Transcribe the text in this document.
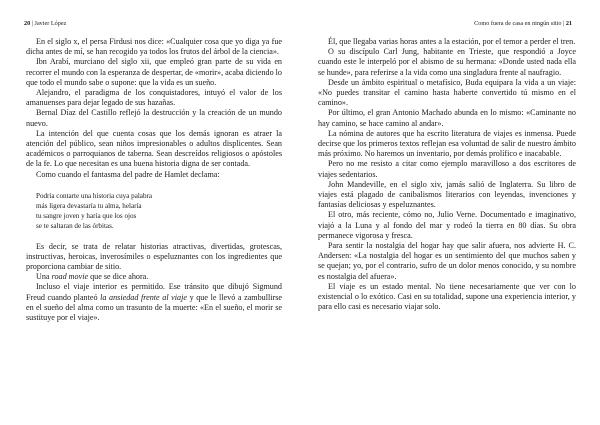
20 | Javier López

En el siglo x, el persa Firdusi nos dice: «Cualquier cosa que yo diga ya fue dicha antes de mí, se han recogido ya todos los frutos del árbol de la ciencia».

Ibn Arabí, murciano del siglo xii, que empleó gran parte de su vida en recorrer el mundo con la esperanza de despertar, de «morir», acaba diciendo lo que todo el mundo sabe o supone: que la vida es un sueño.

Alejandro, el paradigma de los conquistadores, intuyó el valor de los amanuenses para dejar legado de sus hazañas.

Bernal Díaz del Castillo reflejó la destrucción y la creación de un mundo nuevo.

La intención del que cuenta cosas que los demás ignoran es atraer la atención del público, sean niños impresionables o adultos displicentes. Sean académicos o parroquianos de taberna. Sean descreídos religiosos o apóstoles de la fe. Lo que necesitan es una buena historia digna de ser contada.

Como cuando el fantasma del padre de Hamlet declama:

Podría contarte una historia cuya palabra
más ligera devastaría tu alma, helaría
tu sangre joven y haría que los ojos
se te saltaran de las órbitas.

Es decir, se trata de relatar historias atractivas, divertidas, grotescas, instructivas, heroicas, inverosímiles o espeluznantes con los ingredientes que proporciona cambiar de sitio.

Una road movie que se dice ahora.

Incluso el viaje interior es permitido. Ese tránsito que dibujó Sigmund Freud cuando planteó la ansiedad frente al viaje y que le llevó a zambullirse en el sueño del alma como un trasunto de la muerte: «En el sueño, el morir se sustituye por el viaje».

Como fuera de casa en ningún sitio | 21

Él, que llegaba varias horas antes a la estación, por el temor a perder el tren.

O su discípulo Carl Jung, habitante en Trieste, que respondió a Joyce cuando este le interpeló por el abismo de su hermana: «Donde usted nada ella se hunde», para referirse a la vida como una singladura frente al naufragio.

Desde un ámbito espiritual o metafísico, Buda equipara la vida a un viaje: «No puedes transitar el camino hasta haberte convertido tú mismo en el camino».

Por último, el gran Antonio Machado abunda en lo mismo: «Caminante no hay camino, se hace camino al andar».

La nómina de autores que ha escrito literatura de viajes es inmensa. Puede decirse que los primeros textos reflejan esa voluntad de salir de nuestro ámbito más próximo. No haremos un inventario, por demás prolífico e inacabable.

Pero no me resisto a citar como ejemplo maravilloso a dos escritores de viajes sedentarios.

John Mandeville, en el siglo xiv, jamás salió de Inglaterra. Su libro de viajes está plagado de canibalismos literarios con leyendas, invenciones y fantasías deliciosas y espeluznantes.

El otro, más reciente, cómo no, Julio Verne. Documentado e imaginativo, viajó a la Luna y al fondo del mar y rodeó la tierra en 80 días. Su obra permanece vigorosa y fresca.

Para sentir la nostalgia del hogar hay que salir afuera, nos advierte H. C. Andersen: «La nostalgia del hogar es un sentimiento del que muchos saben y se quejan; yo, por el contrario, sufro de un dolor menos conocido, y su nombre es nostalgia del afuera».

El viaje es un estado mental. No tiene necesariamente que ver con lo existencial o lo exótico. Casi en su totalidad, supone una experiencia interior, y para ello casi es necesario viajar solo.
